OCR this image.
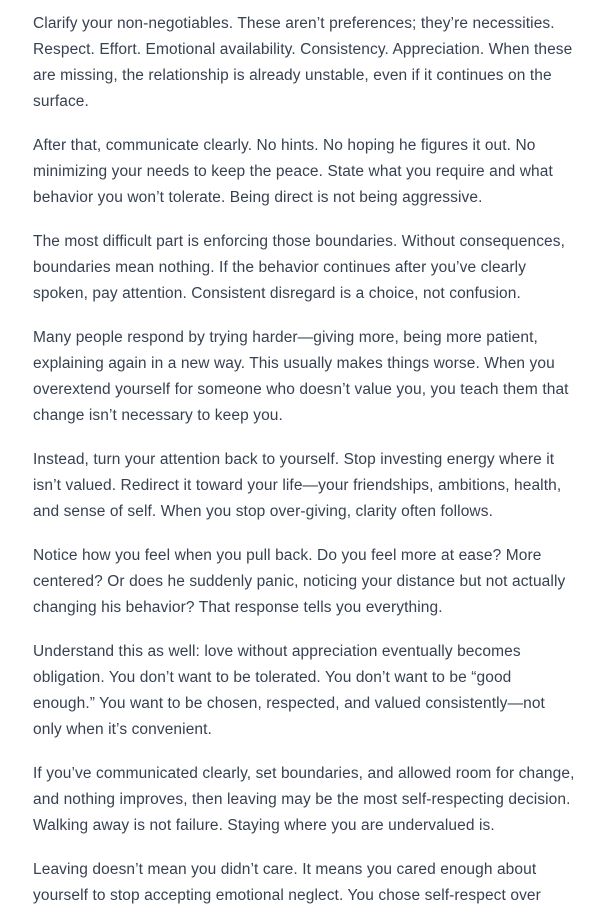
Clarify your non-negotiables. These aren’t preferences; they’re necessities. Respect. Effort. Emotional availability. Consistency. Appreciation. When these are missing, the relationship is already unstable, even if it continues on the surface.

After that, communicate clearly. No hints. No hoping he figures it out. No minimizing your needs to keep the peace. State what you require and what behavior you won’t tolerate. Being direct is not being aggressive.

The most difficult part is enforcing those boundaries. Without consequences, boundaries mean nothing. If the behavior continues after you’ve clearly spoken, pay attention. Consistent disregard is a choice, not confusion.

Many people respond by trying harder—giving more, being more patient, explaining again in a new way. This usually makes things worse. When you overextend yourself for someone who doesn’t value you, you teach them that change isn’t necessary to keep you.

Instead, turn your attention back to yourself. Stop investing energy where it isn’t valued. Redirect it toward your life—your friendships, ambitions, health, and sense of self. When you stop over-giving, clarity often follows.

Notice how you feel when you pull back. Do you feel more at ease? More centered? Or does he suddenly panic, noticing your distance but not actually changing his behavior? That response tells you everything.

Understand this as well: love without appreciation eventually becomes obligation. You don’t want to be tolerated. You don’t want to be “good enough.” You want to be chosen, respected, and valued consistently—not only when it’s convenient.

If you’ve communicated clearly, set boundaries, and allowed room for change, and nothing improves, then leaving may be the most self-respecting decision. Walking away is not failure. Staying where you are undervalued is.

Leaving doesn’t mean you didn’t care. It means you cared enough about yourself to stop accepting emotional neglect. You chose self-respect over
